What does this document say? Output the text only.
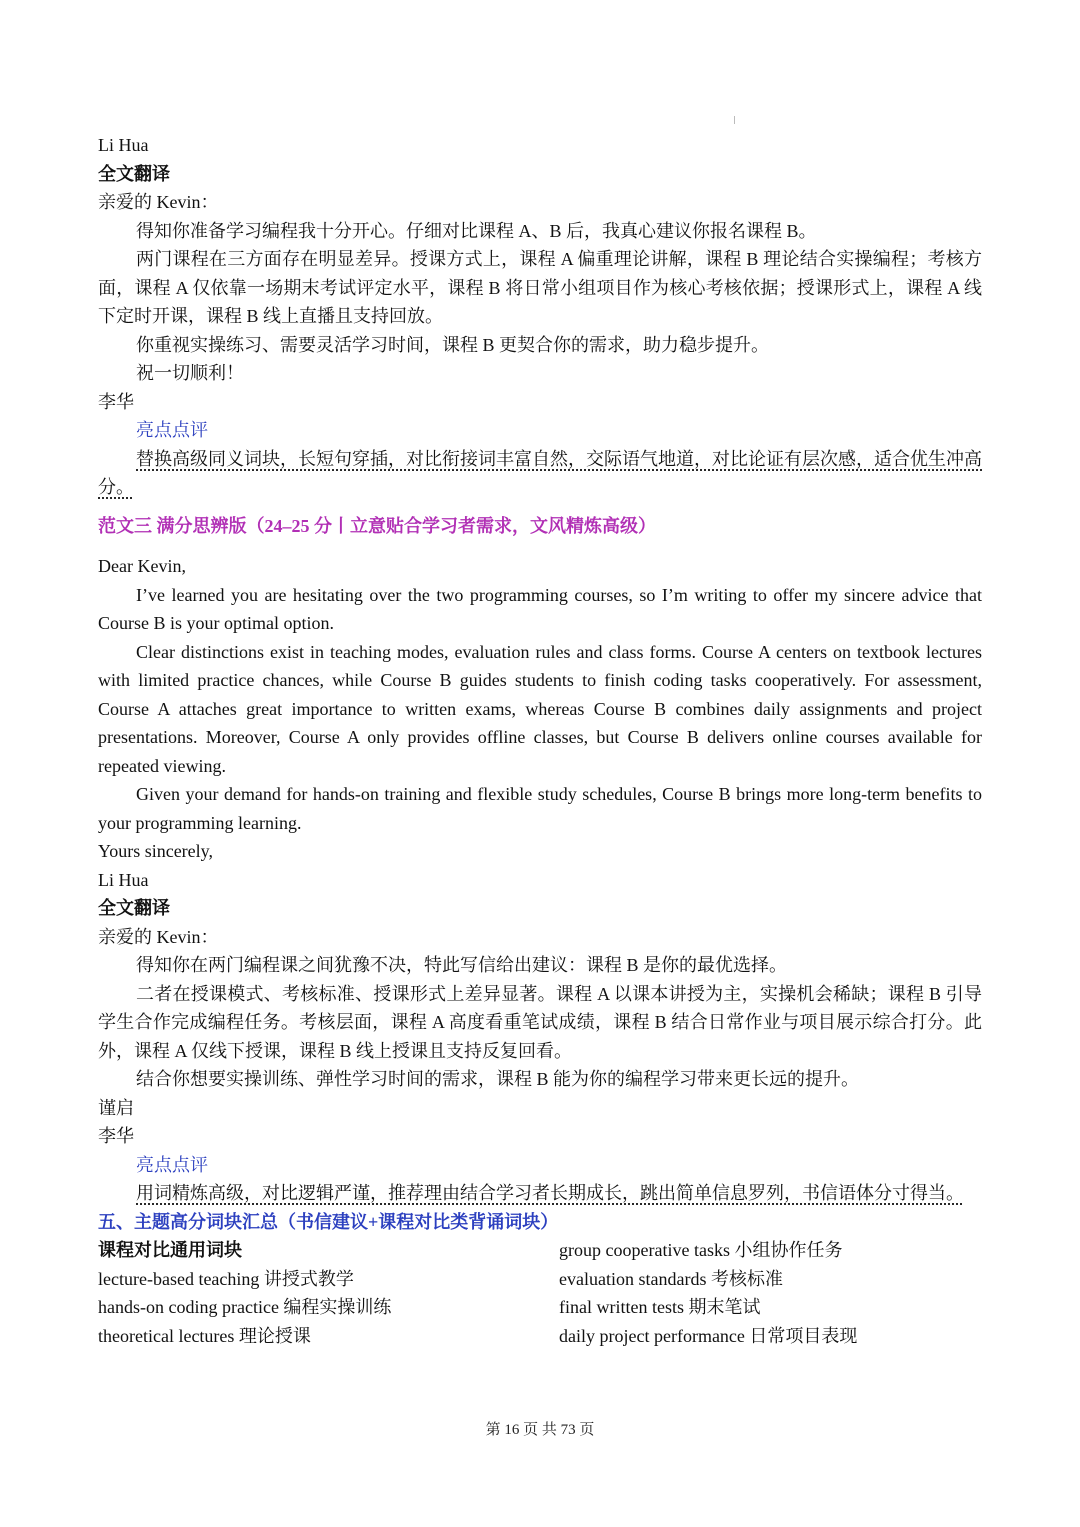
Li Hua

全文翻译

亲爱的 Kevin：

得知你准备学习编程我十分开心。仔细对比课程 A、B 后，我真心建议你报名课程 B。

两门课程在三方面存在明显差异。授课方式上，课程 A 偏重理论讲解，课程 B 理论结合实操编程；考核方面，课程 A 仅依靠一场期末考试评定水平，课程 B 将日常小组项目作为核心考核依据；授课形式上，课程 A 线下定时开课，课程 B 线上直播且支持回放。

你重视实操练习、需要灵活学习时间，课程 B 更契合你的需求，助力稳步提升。

祝一切顺利！

李华

亮点点评

替换高级同义词块，长短句穿插，对比衔接词丰富自然，交际语气地道，对比论证有层次感，适合优生冲高分。

范文三 满分思辨版（24–25 分丨立意贴合学习者需求，文风精炼高级）

Dear Kevin,

I’ve learned you are hesitating over the two programming courses, so I’m writing to offer my sincere advice that Course B is your optimal option.

Clear distinctions exist in teaching modes, evaluation rules and class forms. Course A centers on textbook lectures with limited practice chances, while Course B guides students to finish coding tasks cooperatively. For assessment, Course A attaches great importance to written exams, whereas Course B combines daily assignments and project presentations. Moreover, Course A only provides offline classes, but Course B delivers online courses available for repeated viewing.

Given your demand for hands-on training and flexible study schedules, Course B brings more long-term benefits to your programming learning.

Yours sincerely,

Li Hua

全文翻译

亲爱的 Kevin：

得知你在两门编程课之间犹豫不决，特此写信给出建议：课程 B 是你的最优选择。

二者在授课模式、考核标准、授课形式上差异显著。课程 A 以课本讲授为主，实操机会稀缺；课程 B 引导学生合作完成编程任务。考核层面，课程 A 高度看重笔试成绩，课程 B 结合日常作业与项目展示综合打分。此外，课程 A 仅线下授课，课程 B 线上授课且支持反复回看。

结合你想要实操训练、弹性学习时间的需求，课程 B 能为你的编程学习带来更长远的提升。

谨启

李华

亮点点评

用词精炼高级，对比逻辑严谨，推荐理由结合学习者长期成长，跳出简单信息罗列，书信语体分寸得当。

五、主题高分词块汇总（书信建议+课程对比类背诵词块）

课程对比通用词块	group cooperative tasks 小组协作任务
lecture-based teaching 讲授式教学	evaluation standards 考核标准
hands-on coding practice 编程实操训练	final written tests 期末笔试
theoretical lectures 理论授课	daily project performance 日常项目表现
第 16 页 共 73 页
